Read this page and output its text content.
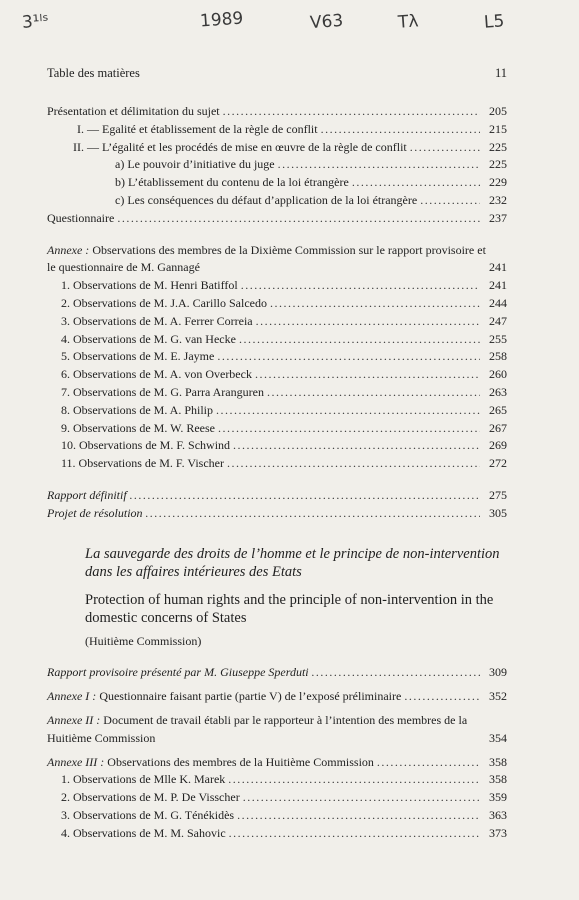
3¹ˡˢ	1989	V63	Tλ	L5
Table des matières	11
Présentation et délimitation du sujet .....	205
I. — Egalité et établissement de la règle de conflit .....	215
II. — L’égalité et les procédés de mise en œuvre de la règle de conflit .....	225
a) Le pouvoir d’initiative du juge .....	225
b) L’établissement du contenu de la loi étrangère .....	229
c) Les conséquences du défaut d’application de la loi étrangère .....	232
Questionnaire .....	237
Annexe : Observations des membres de la Dixième Commission sur le rapport provisoire et le questionnaire de M. Gannagé	241
1. Observations de M. Henri Batiffol .....	241
2. Observations de M. J.A. Carillo Salcedo .....	244
3. Observations de M. A. Ferrer Correia .....	247
4. Observations de M. G. van Hecke .....	255
5. Observations de M. E. Jayme .....	258
6. Observations de M. A. von Overbeck .....	260
7. Observations de M. G. Parra Aranguren .....	263
8. Observations de M. A. Philip .....	265
9. Observations de M. W. Reese .....	267
10. Observations de M. F. Schwind .....	269
11. Observations de M. F. Vischer .....	272
Rapport définitif .....	275
Projet de résolution .....	305
La sauvegarde des droits de l’homme et le principe de non-intervention dans les affaires intérieures des Etats
Protection of human rights and the principle of non-intervention in the domestic concerns of States
(Huitième Commission)
Rapport provisoire présenté par M. Giuseppe Sperduti .....	309
Annexe I : Questionnaire faisant partie (partie V) de l’exposé préliminaire .....	352
Annexe II : Document de travail établi par le rapporteur à l’intention des membres de la Huitième Commission	354
Annexe III : Observations des membres de la Huitième Commission .....	358
1. Observations de Mlle K. Marek .....	358
2. Observations de M. P. De Visscher .....	359
3. Observations de M. G. Ténékidès .....	363
4. Observations de M. M. Sahovic .....	373
